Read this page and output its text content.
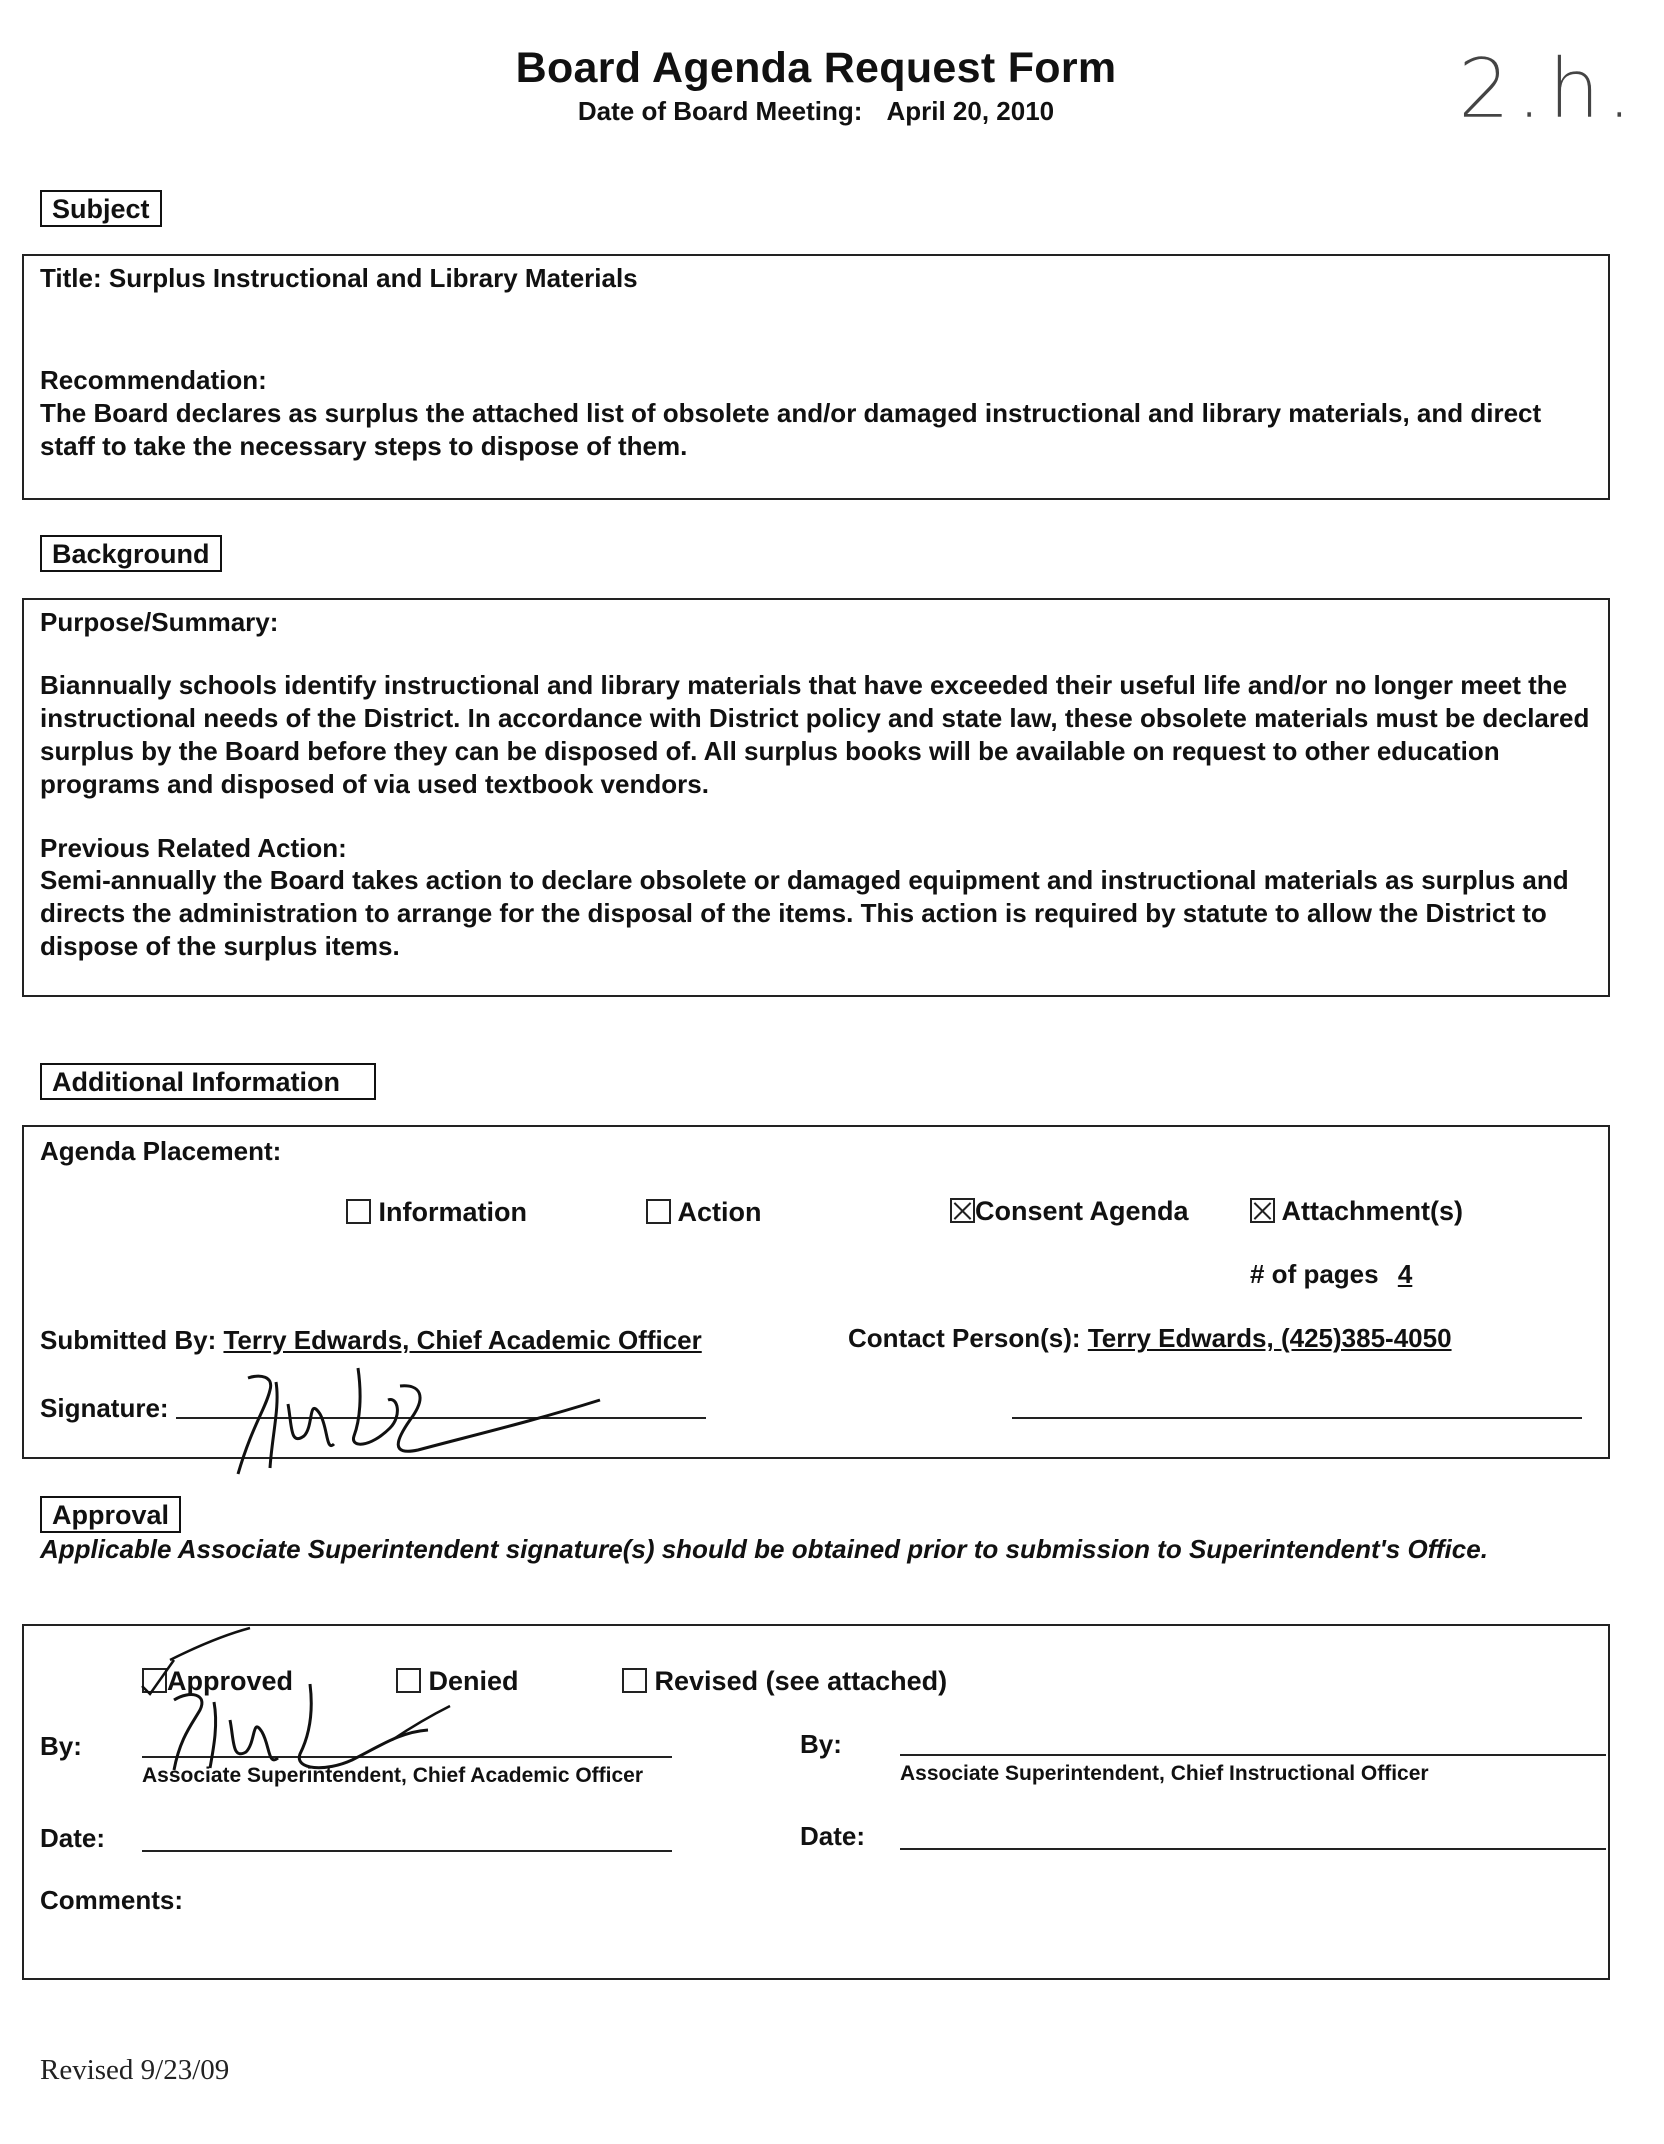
Board Agenda Request Form
Date of Board Meeting: April 20, 2010	2.h.
Subject
Title: Surplus Instructional and Library Materials
Recommendation:
The Board declares as surplus the attached list of obsolete and/or damaged instructional and library materials, and direct staff to take the necessary steps to dispose of them.
Background
Purpose/Summary:
Biannually schools identify instructional and library materials that have exceeded their useful life and/or no longer meet the instructional needs of the District. In accordance with District policy and state law, these obsolete materials must be declared surplus by the Board before they can be disposed of. All surplus books will be available on request to other education programs and disposed of via used textbook vendors.
Previous Related Action:
Semi-annually the Board takes action to declare obsolete or damaged equipment and instructional materials as surplus and directs the administration to arrange for the disposal of the items. This action is required by statute to allow the District to dispose of the surplus items.
Additional Information
Agenda Placement:
Information	Action	Consent Agenda	Attachment(s)
# of pages 4
Submitted By: Terry Edwards, Chief Academic Officer	Contact Person(s): Terry Edwards, (425)385-4050
Signature:
Approval
Applicable Associate Superintendent signature(s) should be obtained prior to submission to Superintendent's Office.
Approved	Denied	Revised (see attached)
By:
Associate Superintendent, Chief Academic Officer
By:
Associate Superintendent, Chief Instructional Officer
Date:	Date:
Comments:
Revised 9/23/09
